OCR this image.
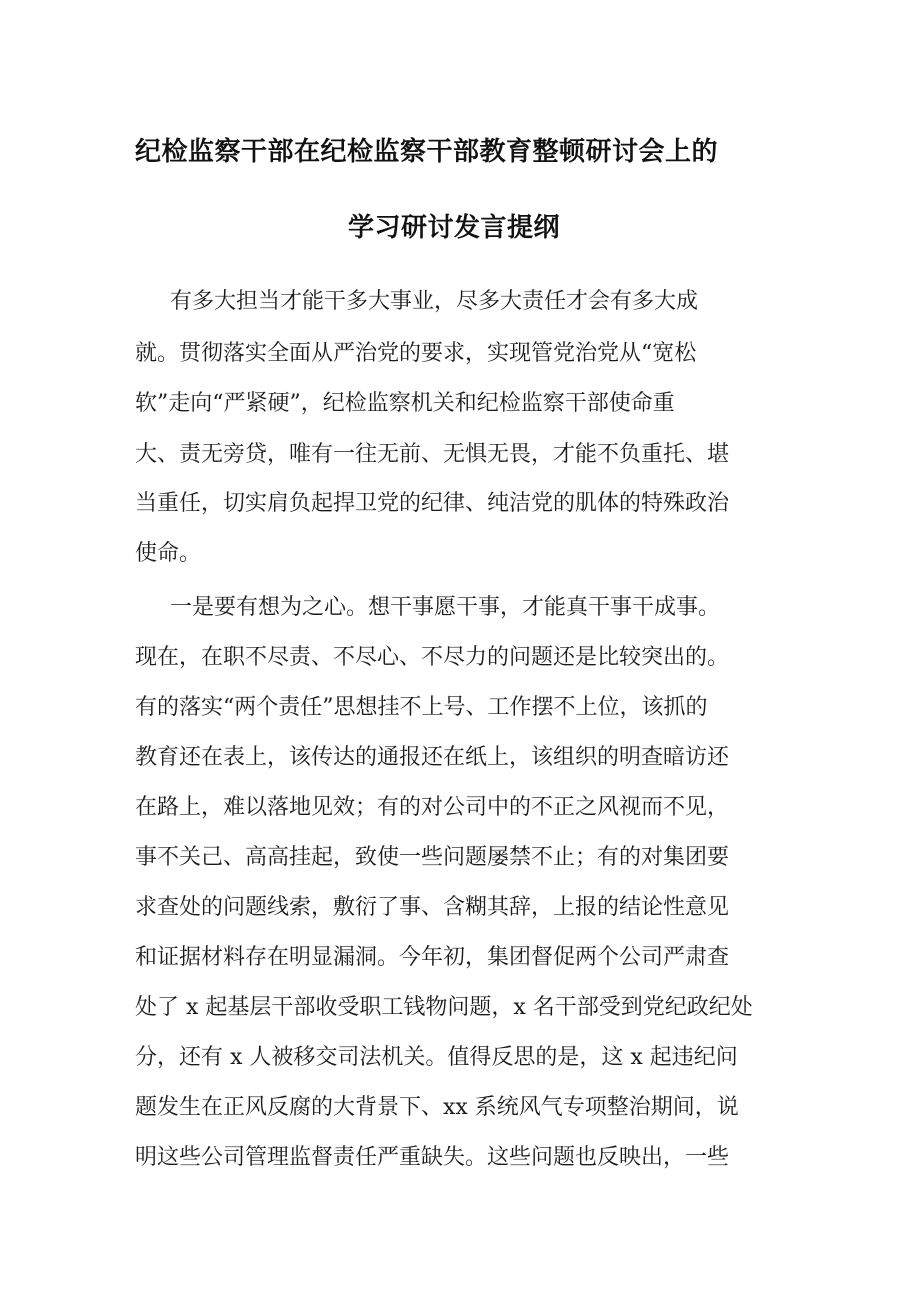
纪检监察干部在纪检监察干部教育整顿研讨会上的
学习研讨发言提纲
有多大担当才能干多大事业，尽多大责任才会有多大成
就。贯彻落实全面从严治党的要求，实现管党治党从“宽松
软”走向“严紧硬”，纪检监察机关和纪检监察干部使命重
大、责无旁贷，唯有一往无前、无惧无畏，才能不负重托、堪
当重任，切实肩负起捍卫党的纪律、纯洁党的肌体的特殊政治
使命。
一是要有想为之心。想干事愿干事，才能真干事干成事。
现在，在职不尽责、不尽心、不尽力的问题还是比较突出的。
有的落实“两个责任”思想挂不上号、工作摆不上位，该抓的
教育还在表上，该传达的通报还在纸上，该组织的明查暗访还
在路上，难以落地见效；有的对公司中的不正之风视而不见，
事不关己、高高挂起，致使一些问题屡禁不止；有的对集团要
求查处的问题线索，敷衍了事、含糊其辞，上报的结论性意见
和证据材料存在明显漏洞。今年初，集团督促两个公司严肃查
处了 x 起基层干部收受职工钱物问题，x 名干部受到党纪政纪处
分，还有 x 人被移交司法机关。值得反思的是，这 x 起违纪问
题发生在正风反腐的大背景下、xx 系统风气专项整治期间，说
明这些公司管理监督责任严重缺失。这些问题也反映出，一些
